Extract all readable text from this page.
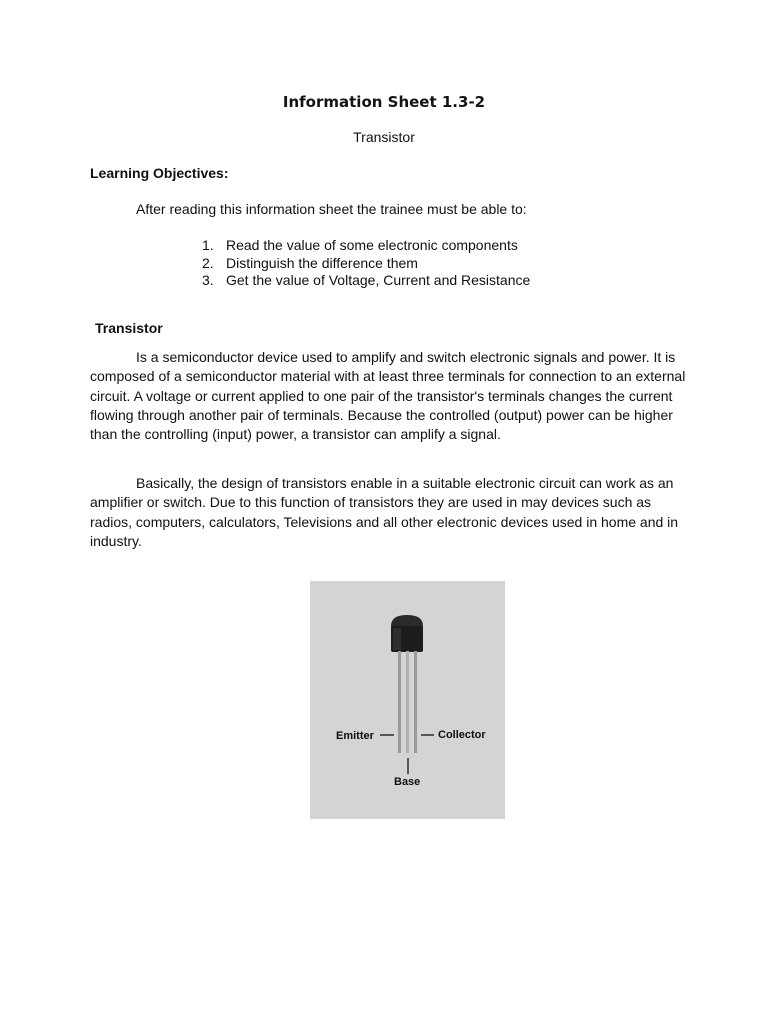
Information Sheet 1.3-2
Transistor
Learning Objectives:
After reading this information sheet the trainee must be able to:
1. Read the value of some electronic components
2. Distinguish the difference them
3. Get the value of Voltage, Current and Resistance
Transistor

Is a semiconductor device used to amplify and switch electronic signals and power. It is composed of a semiconductor material with at least three terminals for connection to an external circuit. A voltage or current applied to one pair of the transistor's terminals changes the current flowing through another pair of terminals. Because the controlled (output) power can be higher than the controlling (input) power, a transistor can amplify a signal.

Basically, the design of transistors enable in a suitable electronic circuit can work as an amplifier or switch. Due to this function of transistors they are used in may devices such as radios, computers, calculators, Televisions and all other electronic devices used in home and in industry.

Emitter	Collector
Base
